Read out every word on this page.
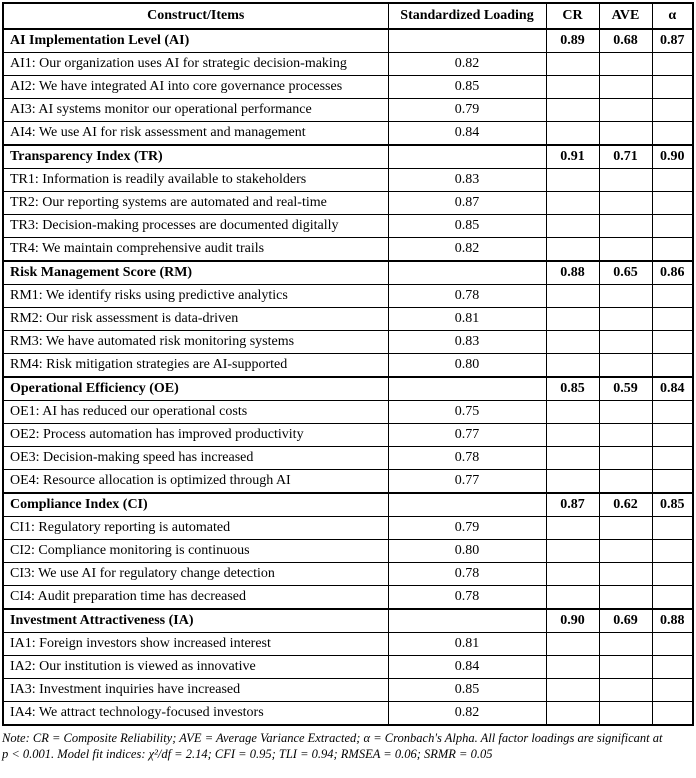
Construct/Items	Standardized Loading	CR	AVE	α
AI Implementation Level (AI)		0.89	0.68	0.87
AI1: Our organization uses AI for strategic decision-making	0.82			
AI2: We have integrated AI into core governance processes	0.85			
AI3: AI systems monitor our operational performance	0.79			
AI4: We use AI for risk assessment and management	0.84			
Transparency Index (TR)		0.91	0.71	0.90
TR1: Information is readily available to stakeholders	0.83			
TR2: Our reporting systems are automated and real-time	0.87			
TR3: Decision-making processes are documented digitally	0.85			
TR4: We maintain comprehensive audit trails	0.82			
Risk Management Score (RM)		0.88	0.65	0.86
RM1: We identify risks using predictive analytics	0.78			
RM2: Our risk assessment is data-driven	0.81			
RM3: We have automated risk monitoring systems	0.83			
RM4: Risk mitigation strategies are AI-supported	0.80			
Operational Efficiency (OE)		0.85	0.59	0.84
OE1: AI has reduced our operational costs	0.75			
OE2: Process automation has improved productivity	0.77			
OE3: Decision-making speed has increased	0.78			
OE4: Resource allocation is optimized through AI	0.77			
Compliance Index (CI)		0.87	0.62	0.85
CI1: Regulatory reporting is automated	0.79			
CI2: Compliance monitoring is continuous	0.80			
CI3: We use AI for regulatory change detection	0.78			
CI4: Audit preparation time has decreased	0.78			
Investment Attractiveness (IA)		0.90	0.69	0.88
IA1: Foreign investors show increased interest	0.81			
IA2: Our institution is viewed as innovative	0.84			
IA3: Investment inquiries have increased	0.85			
IA4: We attract technology-focused investors	0.82			
Note: CR = Composite Reliability; AVE = Average Variance Extracted; α = Cronbach's Alpha. All factor loadings are significant at
p < 0.001. Model fit indices: χ²/df = 2.14; CFI = 0.95; TLI = 0.94; RMSEA = 0.06; SRMR = 0.05
